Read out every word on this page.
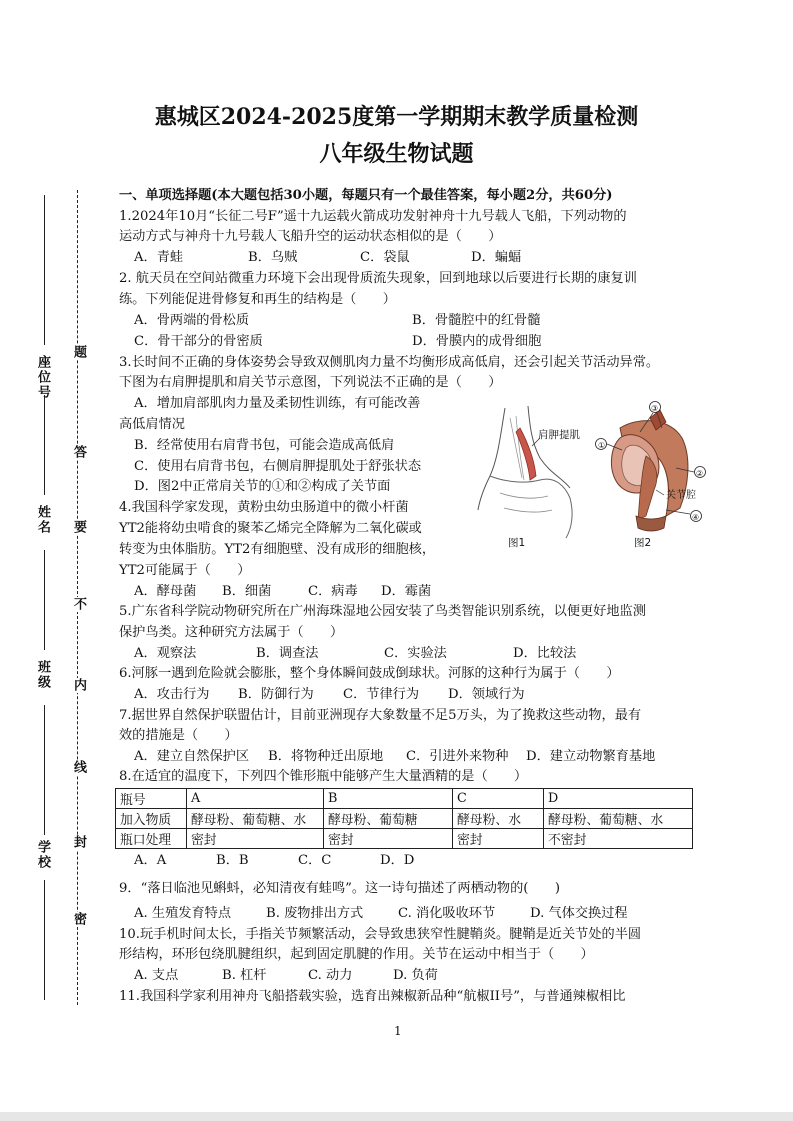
惠城区2024-2025度第一学期期末教学质量检测
八年级生物试题
座位号
姓名
班级
学校
题
答
要
不
内
线
封
密
一、单项选择题(本大题包括30小题，每题只有一个最佳答案，每小题2分，共60分)
1.2024年10月“长征二号F”遥十九运载火箭成功发射神舟十九号载人飞船，下列动物的
运动方式与神舟十九号载人飞船升空的运动状态相似的是（　　）
A．青蛙	B．乌贼	C．袋鼠	D．蝙蝠
2. 航天员在空间站微重力环境下会出现骨质流失现象，回到地球以后要进行长期的康复训
练。下列能促进骨修复和再生的结构是（　　）
A．骨两端的骨松质	B．骨髓腔中的红骨髓
C．骨干部分的骨密质	D．骨膜内的成骨细胞
3.长时间不正确的身体姿势会导致双侧肌肉力量不均衡形成高低肩，还会引起关节活动异常。
下图为右肩胛提肌和肩关节示意图，下列说法不正确的是（　　）
A．增加肩部肌肉力量及柔韧性训练，有可能改善
高低肩情况
B．经常使用右肩背书包，可能会造成高低肩
C．使用右肩背书包，右侧肩胛提肌处于舒张状态
D．图2中正常肩关节的①和②构成了关节面
肩胛提肌
图1
①
②
③
④
关节腔
图2
4.我国科学家发现，黄粉虫幼虫肠道中的微小杆菌
YT2能将幼虫啃食的聚苯乙烯完全降解为二氧化碳或
转变为虫体脂肪。YT2有细胞壁、没有成形的细胞核，
YT2可能属于（　　）
A．酵母菌 B．细菌	C．病毒 D．霉菌
5.广东省科学院动物研究所在广州海珠湿地公园安装了鸟类智能识别系统，以便更好地监测
保护鸟类。这种研究方法属于（　　）
A．观察法	B．调查法	C．实验法	D．比较法
6.河豚一遇到危险就会膨胀，整个身体瞬间鼓成倒球状。河豚的这种行为属于（　　）
A．攻击行为 B．防御行为 C．节律行为 D．领域行为
7.据世界自然保护联盟估计，目前亚洲现存大象数量不足5万头，为了挽救这些动物，最有
效的措施是（　　）
A．建立自然保护区 B．将物种迁出原地 C．引进外来物种 D．建立动物繁育基地
8.在适宜的温度下，下列四个锥形瓶中能够产生大量酒精的是（　　）
瓶号	A	B	C	D
加入物质	酵母粉、葡萄糖、水	酵母粉、葡萄糖	酵母粉、水	酵母粉、葡萄糖、水
瓶口处理	密封	密封	密封	不密封
A．A	B．B	C．C	D．D
9．“落日临池见蝌蚪，必知清夜有蛙鸣”。这一诗句描述了两栖动物的(　　)
A. 生殖发育特点	B. 废物排出方式	C. 消化吸收环节	D. 气体交换过程
10.玩手机时间太长，手指关节频繁活动，会导致患狭窄性腱鞘炎。腱鞘是近关节处的半圆
形结构，环形包绕肌腱组织，起到固定肌腱的作用。关节在运动中相当于（　　）
A. 支点	B. 杠杆	C. 动力	D. 负荷
11.我国科学家利用神舟飞船搭载实验，选育出辣椒新品种“航椒II号”，与普通辣椒相比
1
